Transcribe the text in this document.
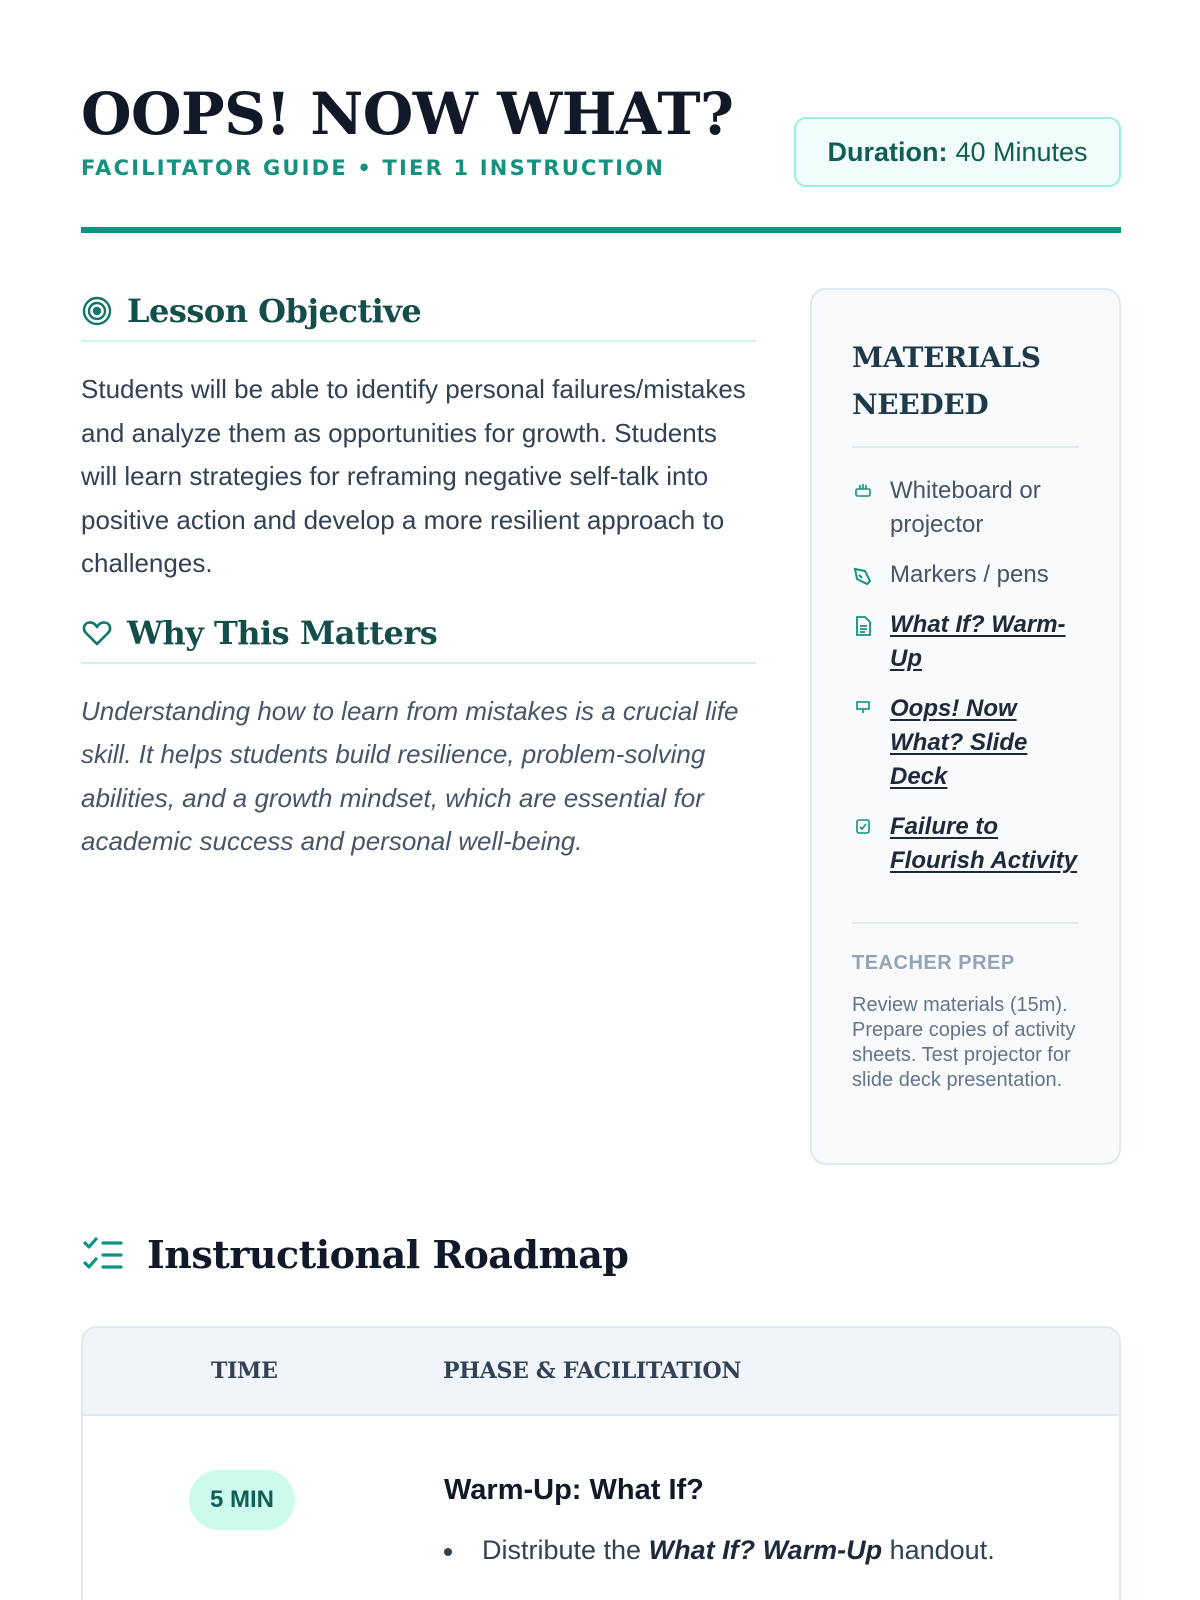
OOPS! NOW WHAT?
FACILITATOR GUIDE • TIER 1 INSTRUCTION
Duration: 40 Minutes
Lesson Objective

Students will be able to identify personal failures/mistakes and analyze them as opportunities for growth. Students will learn strategies for reframing negative self-talk into positive action and develop a more resilient approach to challenges.

Why This Matters

Understanding how to learn from mistakes is a crucial life skill. It helps students build resilience, problem-solving abilities, and a growth mindset, which are essential for academic success and personal well-being.

MATERIALS NEEDED
Whiteboard or projector
Markers / pens
What If? Warm-Up
Oops! Now What? Slide Deck
Failure to Flourish Activity
TEACHER PREP

Review materials (15m). Prepare copies of activity sheets. Test projector for slide deck presentation.

Instructional Roadmap
TIME	PHASE & FACILITATION
5 MIN	Warm-Up: What If?
Distribute the What If? Warm-Up handout.
